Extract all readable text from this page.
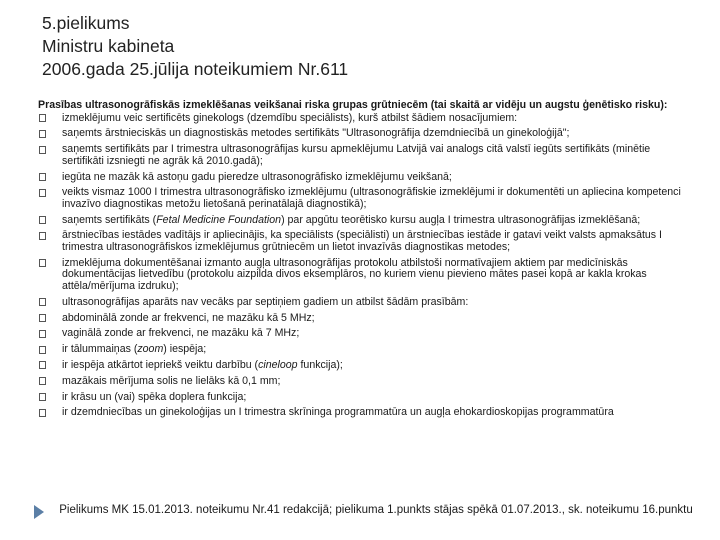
5.pielikums
Ministru kabineta
2006.gada 25.jūlija noteikumiem Nr.611
Prasības ultrasonogrāfiskās izmeklēšanas veikšanai riska grupas grūtniecēm (tai skaitā ar vidēju un augstu ģenētisko risku):
izmeklējumu veic sertificēts ginekologs (dzemdību speciālists), kurš atbilst šādiem nosacījumiem:
saņemts ārstnieciskās un diagnostiskās metodes sertifikāts "Ultrasonogrāfija dzemdniecībā un ginekoloģijā";
saņemts sertifikāts par I trimestra ultrasonogrāfijas kursu apmeklējumu Latvijā vai analogs citā valstī iegūts sertifikāts (minētie sertifikāti izsniegti ne agrāk kā 2010.gadā);
iegūta ne mazāk kā astoņu gadu pieredze ultrasonogrāfisko izmeklējumu veikšanā;
veikts vismaz 1000 I trimestra ultrasonogrāfisko izmeklējumu (ultrasonogrāfiskie izmeklējumi ir dokumentēti un apliecina kompetenci invazīvo diagnostikas metožu lietošanā perinatālajā diagnostikā);
saņemts sertifikāts (Fetal Medicine Foundation) par apgūtu teorētisko kursu augļa I trimestra ultrasonogrāfijas izmeklēšanā;
ārstniecības iestādes vadītājs ir apliecinājis, ka speciālists (speciālisti) un ārstniecības iestāde ir gatavi veikt valsts apmaksātus I trimestra ultrasonogrāfiskos izmeklējumus grūtniecēm un lietot invazīvās diagnostikas metodes;
izmeklējuma dokumentēšanai izmanto augļa ultrasonogrāfijas protokolu atbilstoši normatīvajiem aktiem par medicīniskās dokumentācijas lietvedību (protokolu aizpilda divos eksemplāros, no kuriem vienu pievieno mātes pasei kopā ar kakla krokas attēla/mērījuma izdruku);
ultrasonogrāfijas aparāts nav vecāks par septiņiem gadiem un atbilst šādām prasībām:
abdominālā zonde ar frekvenci, ne mazāku kā 5 MHz;
vaginālā zonde ar frekvenci, ne mazāku kā 7 MHz;
ir tālummaiņas (zoom) iespēja;
ir iespēja atkārtot iepriekš veiktu darbību (cineloop funkcija);
mazākais mērījuma solis ne lielāks kā 0,1 mm;
ir krāsu un (vai) spēka doplera funkcija;
ir dzemdniecības un ginekoloģijas un I trimestra skrīninga programmatūra un augļa ehokardioskopijas programmatūra
Pielikums MK 15.01.2013. noteikumu Nr.41 redakcijā; pielikuma 1.punkts stājas spēkā 01.07.2013., sk. noteikumu 16.punktu
